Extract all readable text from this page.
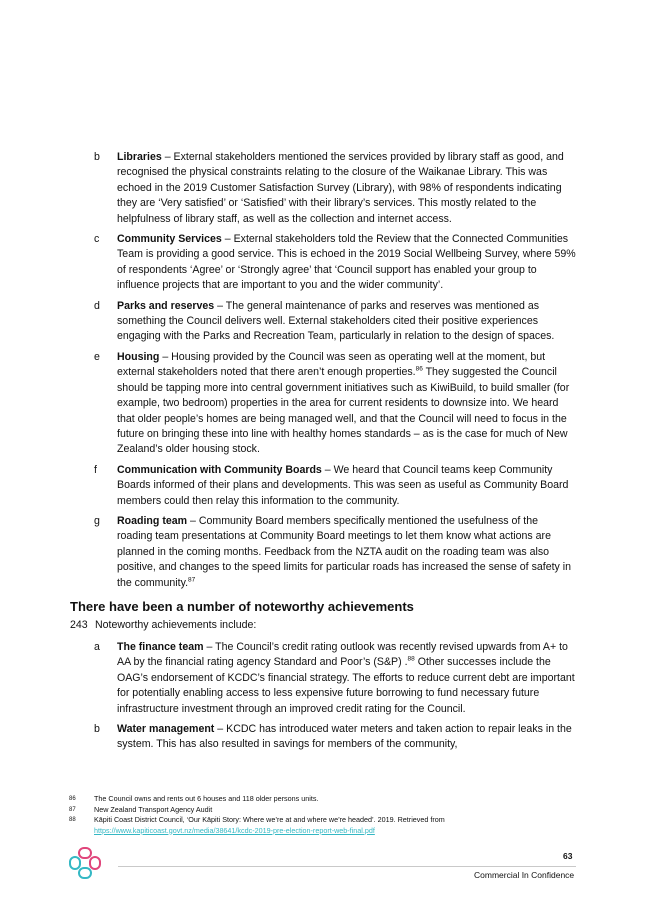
b Libraries – External stakeholders mentioned the services provided by library staff as good, and recognised the physical constraints relating to the closure of the Waikanae Library. This was echoed in the 2019 Customer Satisfaction Survey (Library), with 98% of respondents indicating they are ‘Very satisfied’ or ‘Satisfied’ with their library’s services. This mostly related to the helpfulness of library staff, as well as the collection and internet access.
c Community Services – External stakeholders told the Review that the Connected Communities Team is providing a good service. This is echoed in the 2019 Social Wellbeing Survey, where 59% of respondents ‘Agree’ or ‘Strongly agree’ that ‘Council support has enabled your group to influence projects that are important to you and the wider community’.
d Parks and reserves – The general maintenance of parks and reserves was mentioned as something the Council delivers well. External stakeholders cited their positive experiences engaging with the Parks and Recreation Team, particularly in relation to the design of spaces.
e Housing – Housing provided by the Council was seen as operating well at the moment, but external stakeholders noted that there aren’t enough properties.$^{86}$ They suggested the Council should be tapping more into central government initiatives such as KiwiBuild, to build smaller (for example, two bedroom) properties in the area for current residents to downsize into. We heard that older people’s homes are being managed well, and that the Council will need to focus in the future on bringing these into line with healthy homes standards – as is the case for much of New Zealand’s older housing stock.
f Communication with Community Boards – We heard that Council teams keep Community Boards informed of their plans and developments. This was seen as useful as Community Board members could then relay this information to the community.
g Roading team – Community Board members specifically mentioned the usefulness of the roading team presentations at Community Board meetings to let them know what actions are planned in the coming months. Feedback from the NZTA audit on the roading team was also positive, and changes to the speed limits for particular roads has increased the sense of safety in the community.$^{87}$
There have been a number of noteworthy achievements
243 Noteworthy achievements include:
a The finance team – The Council’s credit rating outlook was recently revised upwards from A+ to AA by the financial rating agency Standard and Poor’s (S&P) .$^{88}$ Other successes include the OAG’s endorsement of KCDC’s financial strategy. The efforts to reduce current debt are important for potentially enabling access to less expensive future borrowing to fund necessary future infrastructure investment through an improved credit rating for the Council.
b Water management – KCDC has introduced water meters and taken action to repair leaks in the system. This has also resulted in savings for members of the community,
86	The Council owns and rents out 6 houses and 118 older persons units.
87	New Zealand Transport Agency Audit
88	Kāpiti Coast District Council, ‘Our Kāpiti Story: Where we’re at and where we’re headed’. 2019. Retrieved from
https://www.kapiticoast.govt.nz/media/38641/kcdc-2019-pre-election-report-web-final.pdf
63
Commercial In Confidence
